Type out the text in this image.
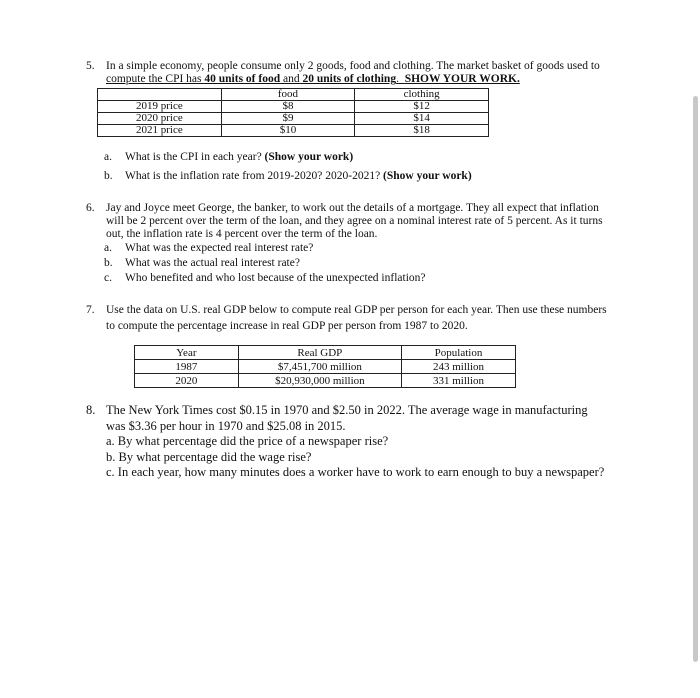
5. In a simple economy, people consume only 2 goods, food and clothing. The market basket of goods used to
compute the CPI has 40 units of food and 20 units of clothing. SHOW YOUR WORK.
	food	clothing
2019 price	$8	$12
2020 price	$9	$14
2021 price	$10	$18
a. What is the CPI in each year? (Show your work)
b. What is the inflation rate from 2019-2020? 2020-2021? (Show your work)
6. Jay and Joyce meet George, the banker, to work out the details of a mortgage. They all expect that inflation
will be 2 percent over the term of the loan, and they agree on a nominal interest rate of 5 percent. As it turns
out, the inflation rate is 4 percent over the term of the loan.
a. What was the expected real interest rate?
b. What was the actual real interest rate?
c. Who benefited and who lost because of the unexpected inflation?
7. Use the data on U.S. real GDP below to compute real GDP per person for each year. Then use these numbers
to compute the percentage increase in real GDP per person from 1987 to 2020.
Year	Real GDP	Population
1987	$7,451,700 million	243 million
2020	$20,930,000 million	331 million
8. The New York Times cost $0.15 in 1970 and $2.50 in 2022. The average wage in manufacturing
was $3.36 per hour in 1970 and $25.08 in 2015.
a. By what percentage did the price of a newspaper rise?
b. By what percentage did the wage rise?
c. In each year, how many minutes does a worker have to work to earn enough to buy a newspaper?
